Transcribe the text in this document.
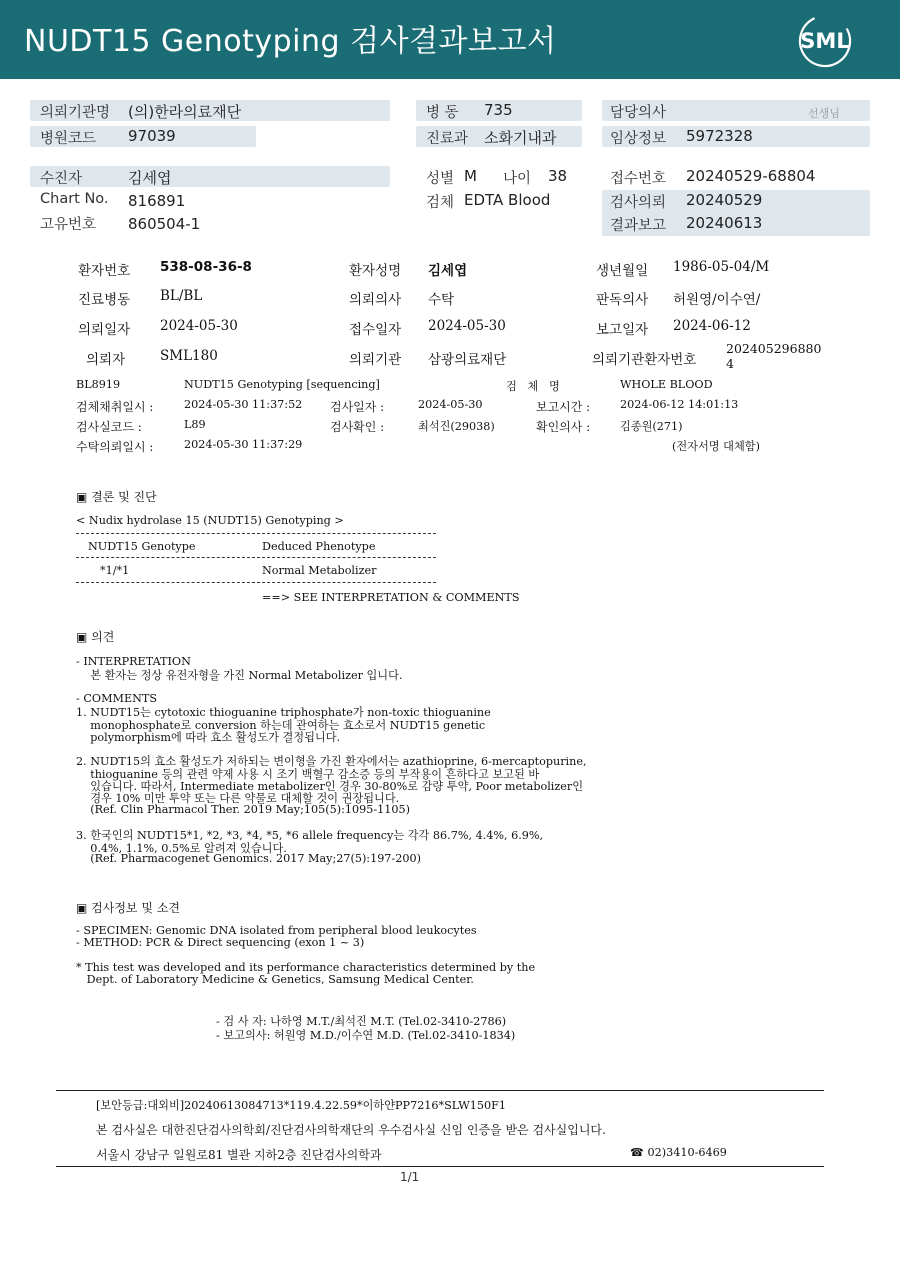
NUDT15 Genotyping 검사결과보고서	SML
의뢰기관명 (의)한라의료재단
병원코드 97039
병 동 735
진료과 소화기내과
담당의사	선생님
임상정보 5972328
수진자	김세엽
Chart No. 816891
고유번호 860504-1
성별 M 나이 38
검체 EDTA Blood
접수번호 20240529-68804
검사의뢰 20240529
결과보고 20240613
환자번호 538-08-36-8	환자성명 김세엽	생년월일 1986-05-04/M
진료병동 BL/BL	의뢰의사 수탁	판독의사 허원영/이수연/
의뢰일자 2024-05-30	접수일자 2024-05-30	보고일자 2024-06-12
의뢰자	SML180	의뢰기관 삼광의료재단	의뢰기관환자번호
202405296880
4
BL8919	NUDT15 Genotyping [sequencing]	검   체   명	WHOLE BLOOD
검체채취일시 :	2024-05-30 11:37:52 검사일자 :	2024-05-30	보고시간 :	2024-06-12 14:01:13
검사실코드 :	L89	검사확인 :	최석진(29038)	확인의사 :	김종원(271)
수탁의뢰일시 :	2024-05-30 11:37:29	(전자서명 대체함)
▣ 결론 및 진단
< Nudix hydrolase 15 (NUDT15) Genotyping >
NUDT15 Genotype	Deduced Phenotype
*1/*1	Normal Metabolizer
==> SEE INTERPRETATION & COMMENTS
▣ 의견
- INTERPRETATION
본 환자는 정상 유전자형을 가진 Normal Metabolizer 입니다.
- COMMENTS
1. NUDT15는 cytotoxic thioguanine triphosphate가 non-toxic thioguanine
monophosphate로 conversion 하는데 관여하는 효소로서 NUDT15 genetic
polymorphism에 따라 효소 활성도가 결정됩니다.
2. NUDT15의 효소 활성도가 저하되는 변이형을 가진 환자에서는 azathioprine, 6-mercaptopurine,
thioguanine 등의 관련 약제 사용 시 조기 백혈구 감소증 등의 부작용이 흔하다고 보고된 바
있습니다. 따라서, Intermediate metabolizer인 경우 30-80%로 감량 투약, Poor metabolizer인
경우 10% 미만 투약 또는 다른 약물로 대체할 것이 권장됩니다.
(Ref. Clin Pharmacol Ther. 2019 May;105(5):1095-1105)
3. 한국인의 NUDT15*1, *2, *3, *4, *5, *6 allele frequency는 각각 86.7%, 4.4%, 6.9%,
0.4%, 1.1%, 0.5%로 알려져 있습니다.
(Ref. Pharmacogenet Genomics. 2017 May;27(5):197-200)
▣ 검사정보 및 소견
- SPECIMEN: Genomic DNA isolated from peripheral blood leukocytes
- METHOD: PCR & Direct sequencing (exon 1 ~ 3)
* This test was developed and its performance characteristics determined by the
Dept. of Laboratory Medicine & Genetics, Samsung Medical Center.
- 검 사 자: 나하영 M.T./최석진 M.T. (Tel.02-3410-2786)
- 보고의사: 허원영 M.D./이수연 M.D. (Tel.02-3410-1834)
[보안등급:대외비]20240613084713*119.4.22.59*이하얀PP7216*SLW150F1
본 검사실은 대한진단검사의학회/진단검사의학재단의 우수검사실 신임 인증을 받은 검사실입니다.
서울시 강남구 일원로81 별관 지하2층 진단검사의학과	☎ 02)3410-6469
1/1
